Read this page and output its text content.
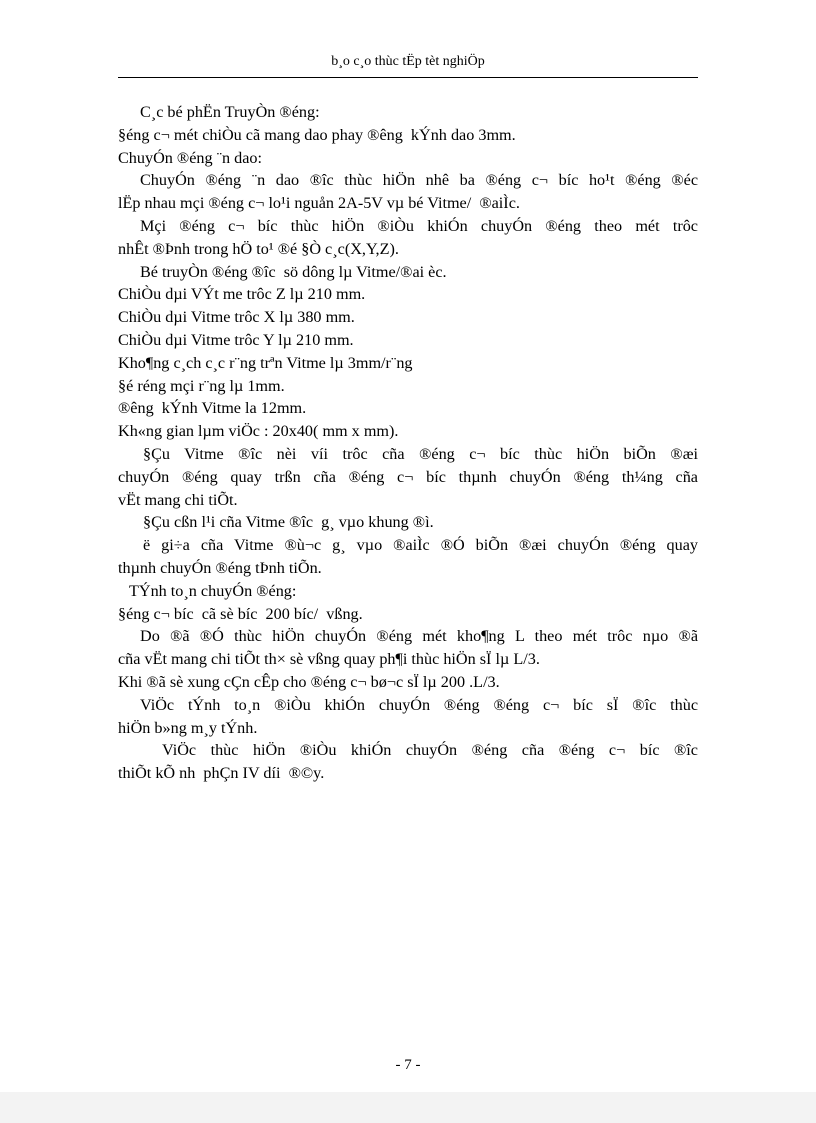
b¸o c¸o thùc tËp tèt nghiÖp
C¸c bé phËn TruyÒn ®éng:
§éng c¬ mét chiÒu cã mang dao phay ®êng  kÝnh dao 3mm.
ChuyÓn ®éng ¨n dao:
ChuyÓn ®éng ¨n dao ®îc thùc hiÖn nhê ba ®éng c¬ bíc ho¹t ®éng ®éc
lËp nhau mçi ®éng c¬ lo¹i nguån 2A-5V vµ bé Vitme/  ®aiÌc.
Mçi ®éng c¬ bíc thùc hiÖn ®iÒu khiÓn chuyÓn ®éng theo mét trôc
nhÊt ®Þnh trong hÖ to¹ ®é §Ò c¸c(X,Y,Z).
Bé truyÒn ®éng ®îc  sö dông lµ Vitme/®ai èc.
ChiÒu dµi VÝt me trôc Z lµ 210 mm.
ChiÒu dµi Vitme trôc X lµ 380 mm.
ChiÒu dµi Vitme trôc Y lµ 210 mm.
Kho¶ng c¸ch c¸c r¨ng trªn Vitme lµ 3mm/r¨ng
§é réng mçi r¨ng lµ 1mm.
®êng  kÝnh Vitme la 12mm.
Kh«ng gian lµm viÖc : 20x40( mm x mm).
§Çu Vitme ®îc nèi víi trôc cña ®éng c¬ bíc thùc hiÖn biÕn ®æi
chuyÓn ®éng quay trßn cña ®éng c¬ bíc thµnh chuyÓn ®éng th¼ng cña
vËt mang chi tiÕt.
§Çu cßn l¹i cña Vitme ®îc  g¸ vµo khung ®ì.
ë gi÷a cña Vitme ®ù¬c g¸ vµo ®aiÌc ®Ó biÕn ®æi chuyÓn ®éng quay
thµnh chuyÓn ®éng tÞnh tiÕn.
TÝnh to¸n chuyÓn ®éng:
§éng c¬ bíc  cã sè bíc  200 bíc/  vßng.
Do ®ã ®Ó thùc hiÖn chuyÓn ®éng mét kho¶ng L theo mét trôc nµo ®ã
cña vËt mang chi tiÕt th× sè vßng quay ph¶i thùc hiÖn sÏ lµ L/3.
Khi ®ã sè xung cÇn cÊp cho ®éng c¬ bø¬c sÏ lµ 200 .L/3.
ViÖc tÝnh to¸n ®iÒu khiÓn chuyÓn ®éng ®éng c¬ bíc sÏ ®îc thùc
hiÖn b»ng m¸y tÝnh.
ViÖc thùc hiÖn ®iÒu khiÓn chuyÓn ®éng cña ®éng c¬ bíc ®îc
thiÕt kÕ nh  phÇn IV díi  ®©y.
- 7 -
